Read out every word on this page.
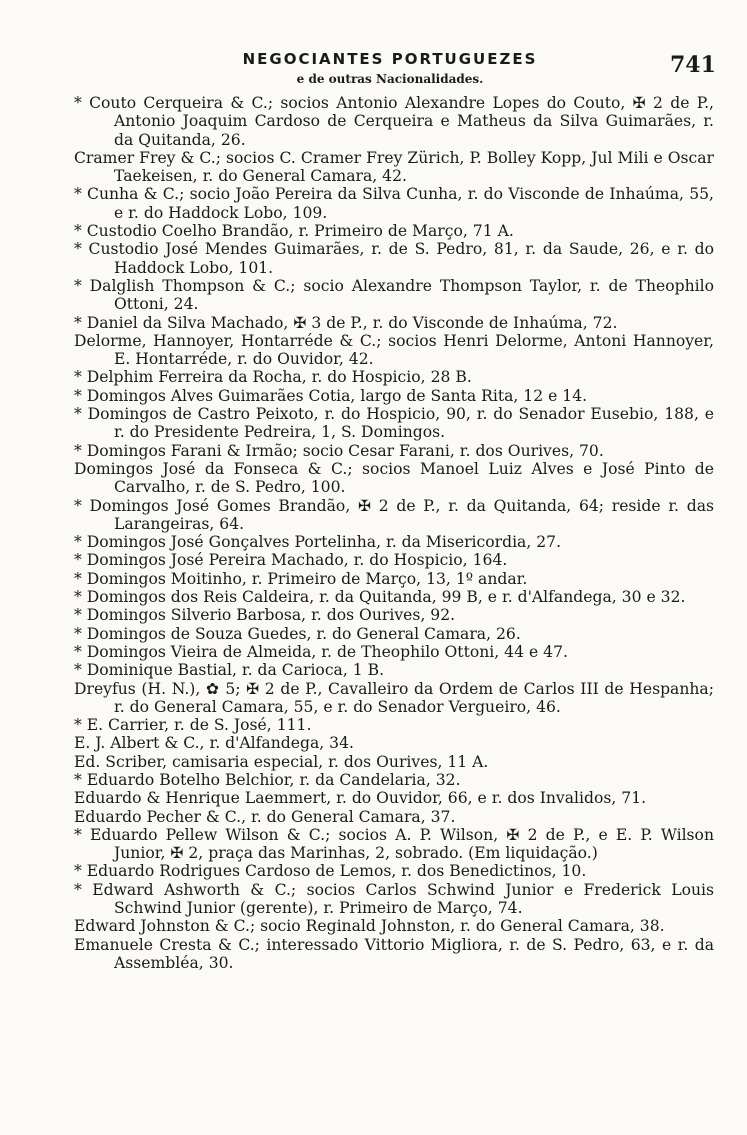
NEGOCIANTES PORTUGUEZES
e de outras Nacionalidades.
741

* Couto Cerqueira & C.; socios Antonio Alexandre Lopes do Couto, ✠ 2 de P., Antonio Joaquim Cardoso de Cerqueira e Matheus da Silva Guimarães, r. da Quitanda, 26.

Cramer Frey & C.; socios C. Cramer Frey Zürich, P. Bolley Kopp, Jul Mili e Oscar Taekeisen, r. do General Camara, 42.

* Cunha & C.; socio João Pereira da Silva Cunha, r. do Visconde de Inhaúma, 55, e r. do Haddock Lobo, 109.

* Custodio Coelho Brandão, r. Primeiro de Março, 71 A.

* Custodio José Mendes Guimarães, r. de S. Pedro, 81, r. da Saude, 26, e r. do Haddock Lobo, 101.

* Dalglish Thompson & C.; socio Alexandre Thompson Taylor, r. de Theophilo Ottoni, 24.

* Daniel da Silva Machado, ✠ 3 de P., r. do Visconde de Inhaúma, 72.

Delorme, Hannoyer, Hontarréde & C.; socios Henri Delorme, Antoni Hannoyer, E. Hontarréde, r. do Ouvidor, 42.

* Delphim Ferreira da Rocha, r. do Hospicio, 28 B.

* Domingos Alves Guimarães Cotia, largo de Santa Rita, 12 e 14.

* Domingos de Castro Peixoto, r. do Hospicio, 90, r. do Senador Eusebio, 188, e r. do Presidente Pedreira, 1, S. Domingos.

* Domingos Farani & Irmão; socio Cesar Farani, r. dos Ourives, 70.

Domingos José da Fonseca & C.; socios Manoel Luiz Alves e José Pinto de Carvalho, r. de S. Pedro, 100.

* Domingos José Gomes Brandão, ✠ 2 de P., r. da Quitanda, 64; reside r. das Larangeiras, 64.

* Domingos José Gonçalves Portelinha, r. da Misericordia, 27.

* Domingos José Pereira Machado, r. do Hospicio, 164.

* Domingos Moitinho, r. Primeiro de Março, 13, 1º andar.

* Domingos dos Reis Caldeira, r. da Quitanda, 99 B, e r. d'Alfandega, 30 e 32.

* Domingos Silverio Barbosa, r. dos Ourives, 92.

* Domingos de Souza Guedes, r. do General Camara, 26.

* Domingos Vieira de Almeida, r. de Theophilo Ottoni, 44 e 47.

* Dominique Bastial, r. da Carioca, 1 B.

Dreyfus (H. N.), ✿ 5; ✠ 2 de P., Cavalleiro da Ordem de Carlos III de Hespanha; r. do General Camara, 55, e r. do Senador Vergueiro, 46.

* E. Carrier, r. de S. José, 111.

E. J. Albert & C., r. d'Alfandega, 34.

Ed. Scriber, camisaria especial, r. dos Ourives, 11 A.

* Eduardo Botelho Belchior, r. da Candelaria, 32.

Eduardo & Henrique Laemmert, r. do Ouvidor, 66, e r. dos Invalidos, 71.

Eduardo Pecher & C., r. do General Camara, 37.

* Eduardo Pellew Wilson & C.; socios A. P. Wilson, ✠ 2 de P., e E. P. Wilson Junior, ✠ 2, praça das Marinhas, 2, sobrado. (Em liquidação.)

* Eduardo Rodrigues Cardoso de Lemos, r. dos Benedictinos, 10.

* Edward Ashworth & C.; socios Carlos Schwind Junior e Frederick Louis Schwind Junior (gerente), r. Primeiro de Março, 74.

Edward Johnston & C.; socio Reginald Johnston, r. do General Camara, 38.

Emanuele Cresta & C.; interessado Vittorio Migliora, r. de S. Pedro, 63, e r. da Assembléa, 30.
